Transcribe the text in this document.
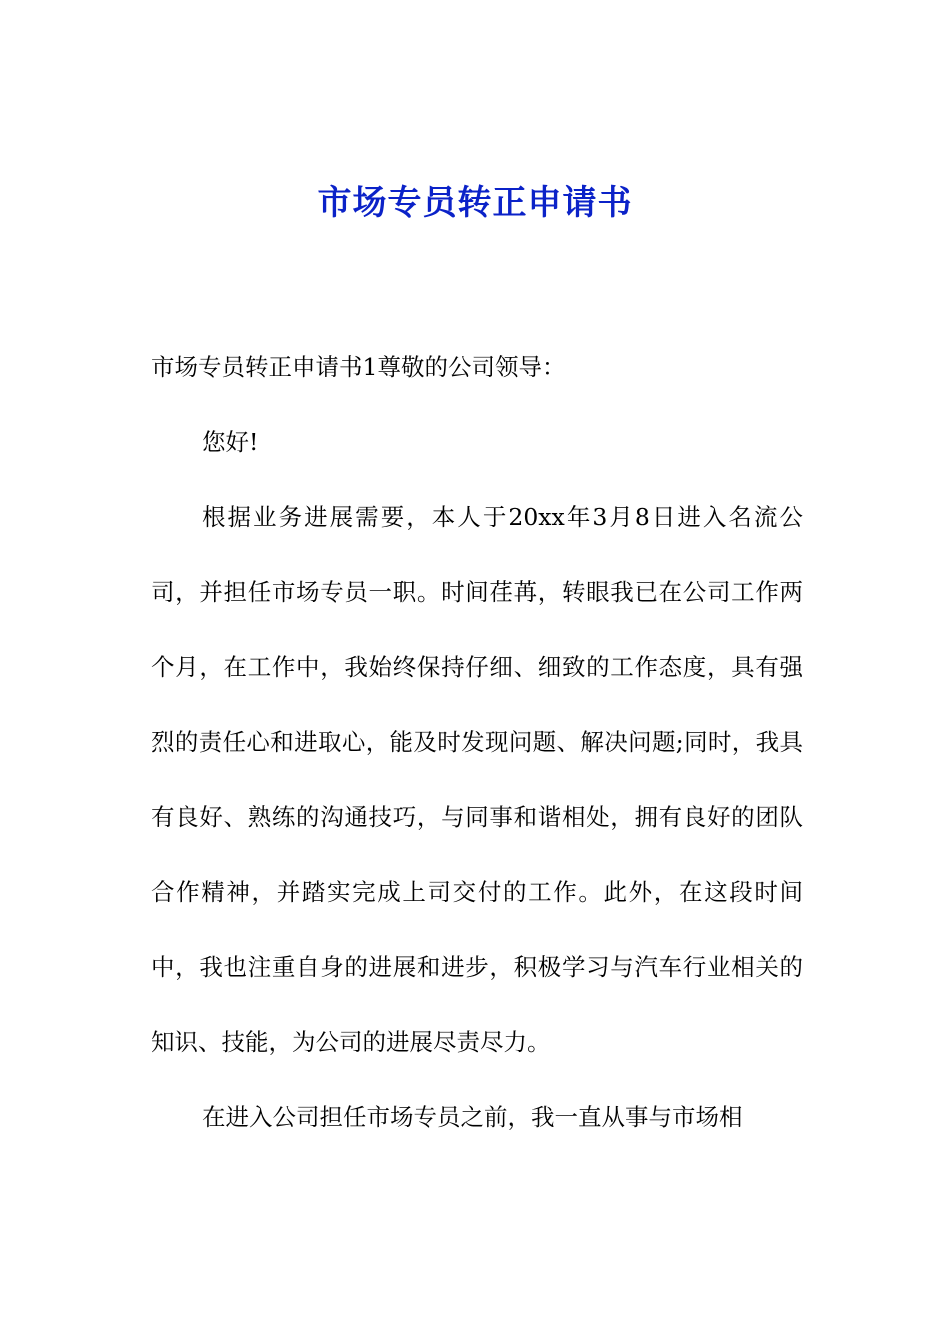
市场专员转正申请书

市场专员转正申请书1尊敬的公司领导：

您好!

根据业务进展需要，本人于20xx年3月8日进入名流公司，并担任市场专员一职。时间荏苒，转眼我已在公司工作两个月，在工作中，我始终保持仔细、细致的工作态度，具有强烈的责任心和进取心，能及时发现问题、解决问题;同时，我具有良好、熟练的沟通技巧，与同事和谐相处，拥有良好的团队合作精神，并踏实完成上司交付的工作。此外，在这段时间中，我也注重自身的进展和进步，积极学习与汽车行业相关的知识、技能，为公司的进展尽责尽力。

在进入公司担任市场专员之前，我一直从事与市场相
